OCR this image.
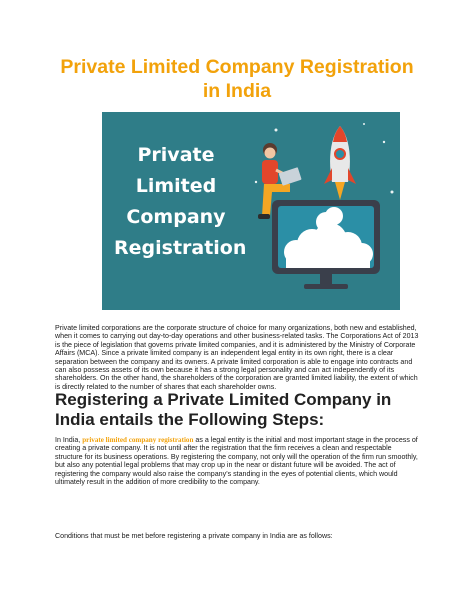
Private Limited Company Registration
in India
Private
Limited
Company
Registration
Private limited corporations are the corporate structure of choice for many organizations, both new and established, when it comes to carrying out day-to-day operations and other business-related tasks. The Corporations Act of 2013 is the piece of legislation that governs private limited companies, and it is administered by the Ministry of Corporate Affairs (MCA). Since a private limited company is an independent legal entity in its own right, there is a clear separation between the company and its owners. A private limited corporation is able to engage into contracts and can also possess assets of its own because it has a strong legal personality and can act independently of its shareholders. On the other hand, the shareholders of the corporation are granted limited liability, the extent of which is directly related to the number of shares that each shareholder owns.
Registering a Private Limited Company in India entails the Following Steps:
In India, private limited company registration as a legal entity is the initial and most important stage in the process of creating a private company. It is not until after the registration that the firm receives a clean and respectable structure for its business operations. By registering the company, not only will the operation of the firm run smoothly, but also any potential legal problems that may crop up in the near or distant future will be avoided. The act of registering the company would also raise the company’s standing in the eyes of potential clients, which would ultimately result in the addition of more credibility to the company.
Conditions that must be met before registering a private company in India are as follows:
